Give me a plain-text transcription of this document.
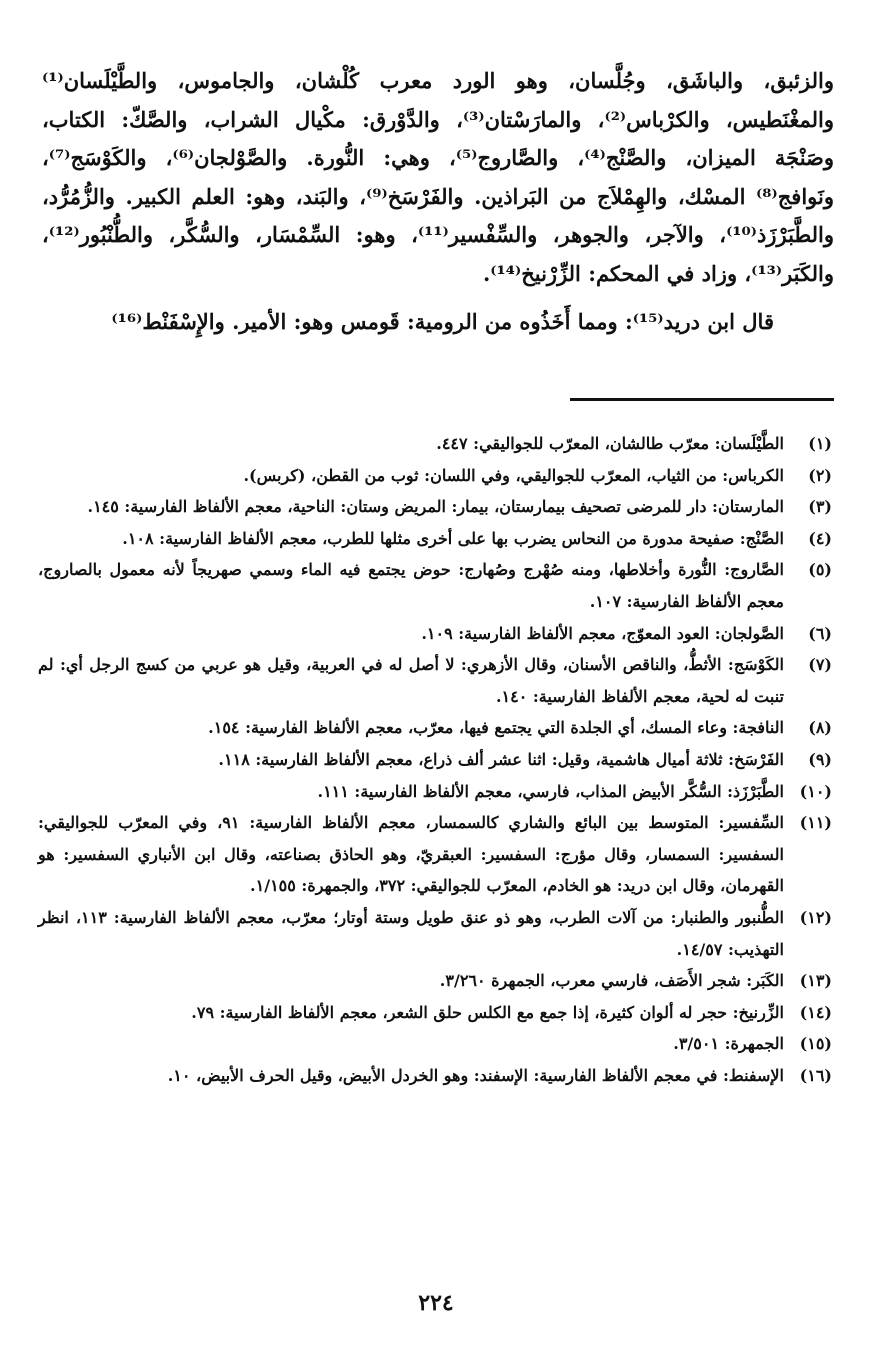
والزئبق، والباشَق، وجُلَّسان، وهو الورد معرب كُلْشان، والجاموس، والطَّيْلَسان⁽¹⁾ والمغْنَطيس، والكرْباس⁽²⁾، والمارَسْتان⁽³⁾، والدَّوْرق: مكْيال الشراب، والصَّكّ: الكتاب، وصَنْجَة الميزان، والصَّنْج⁽⁴⁾، والصَّاروج⁽⁵⁾، وهي: النُّورة. والصَّوْلجان⁽⁶⁾، والكَوْسَج⁽⁷⁾، ونَوافج⁽⁸⁾ المسْك، والهِمْلاَج من البَراذين. والفَرْسَخ⁽⁹⁾، والبَند، وهو: العلم الكبير. والزُّمُرُّد، والطَّبَرْزَذ⁽¹⁰⁾، والآجر، والجوهر، والسِّفْسير⁽¹¹⁾، وهو: السِّمْسَار، والسُّكَّر، والطُّنْبُور⁽¹²⁾، والكَبَر⁽¹³⁾، وزاد في المحكم: الزِّرْنيخ⁽¹⁴⁾.

قال ابن دريد⁽¹⁵⁾: ومما أَخَذُوه من الرومية: قَومس وهو: الأمير. والإِسْفَنْط⁽¹⁶⁾

(١)
الطَّيْلَسان: معرّب طالشان، المعرّب للجواليقي: ٤٤٧.
(٢)
الكرباس: من الثياب، المعرّب للجواليقي، وفي اللسان: ثوب من القطن، (كربس).
(٣)
المارستان: دار للمرضى تصحيف بيمارستان، بيمار: المريض وستان: الناحية، معجم الألفاظ الفارسية: ١٤٥.
(٤)
الصَّنْج: صفيحة مدورة من النحاس يضرب بها على أخرى مثلها للطرب، معجم الألفاظ الفارسية: ١٠٨.
(٥)
الصَّاروج: النُّورة وأخلاطها، ومنه صُهْرج وصُهارج: حوض يجتمع فيه الماء وسمي صهريجاً لأنه معمول بالصاروج، معجم الألفاظ الفارسية: ١٠٧.
(٦)
الصَّولجان: العود المعوّج، معجم الألفاظ الفارسية: ١٠٩.
(٧)
الكَوْسَج: الأثطُّ، والناقص الأسنان، وقال الأزهري: لا أصل له في العربية، وقيل هو عربي من كسج الرجل أي: لم تنبت له لحية، معجم الألفاظ الفارسية: ١٤٠.
(٨)
النافجة: وعاء المسك، أي الجلدة التي يجتمع فيها، معرّب، معجم الألفاظ الفارسية: ١٥٤.
(٩)
الفَرْسَخ: ثلاثة أميال هاشمية، وقيل: اثنا عشر ألف ذراع، معجم الألفاظ الفارسية: ١١٨.
(١٠)
الطَّبَرْزَذ: السُّكَّر الأبيض المذاب، فارسي، معجم الألفاظ الفارسية: ١١١.
(١١)
السِّفسير: المتوسط بين البائع والشاري كالسمسار، معجم الألفاظ الفارسية: ٩١، وفي المعرّب للجواليقي: السفسير: السمسار، وقال مؤرج: السفسير: العبقريّ، وهو الحاذق بصناعته، وقال ابن الأنباري السفسير: هو القهرمان، وقال ابن دريد: هو الخادم، المعرّب للجواليقي: ٣٧٢، والجمهرة: ١/١٥٥.
(١٢)
الطُّنبور والطنبار: من آلات الطرب، وهو ذو عنق طويل وستة أوتار؛ معرّب، معجم الألفاظ الفارسية: ١١٣، انظر التهذيب: ١٤/٥٧.
(١٣)
الكَبَر: شجر الأَصَف، فارسي معرب، الجمهرة ٣/٢٦٠.
(١٤)
الزِّرنيخ: حجر له ألوان كثيرة، إذا جمع مع الكلس حلق الشعر، معجم الألفاظ الفارسية: ٧٩.
(١٥)
الجمهرة: ٣/٥٠١.
(١٦)
الإسفنط: في معجم الألفاظ الفارسية: الإسفند: وهو الخردل الأبيض، وقيل الحرف الأبيض، ١٠.
٢٢٤
